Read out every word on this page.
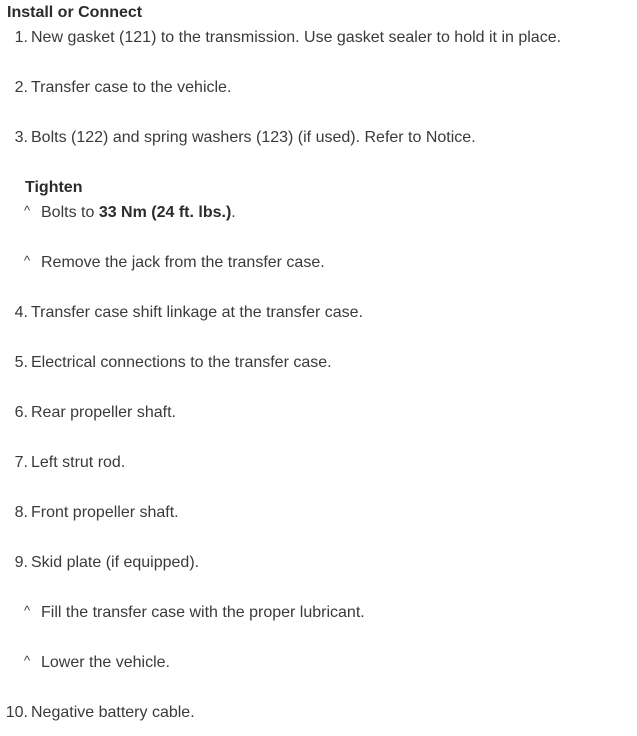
Install or Connect
1. New gasket (121) to the transmission. Use gasket sealer to hold it in place.
2. Transfer case to the vehicle.
3. Bolts (122) and spring washers (123) (if used). Refer to Notice.
Tighten
^ Bolts to 33 Nm (24 ft. lbs.).
^ Remove the jack from the transfer case.
4. Transfer case shift linkage at the transfer case.
5. Electrical connections to the transfer case.
6. Rear propeller shaft.
7. Left strut rod.
8. Front propeller shaft.
9. Skid plate (if equipped).
^ Fill the transfer case with the proper lubricant.
^ Lower the vehicle.
10. Negative battery cable.
